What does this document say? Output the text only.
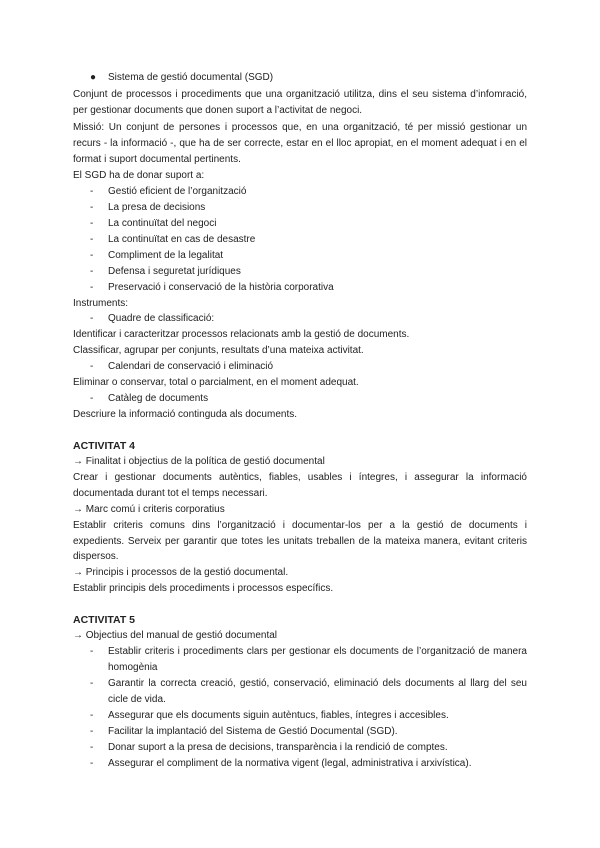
● Sistema de gestió documental (SGD)
Conjunt de processos i procediments que una organització utilitza, dins el seu sistema d’infomració,
per gestionar documents que donen suport a l’activitat de negoci.
Missió: Un conjunt de persones i processos que, en una organització, té per missió gestionar un
recurs - la informació -, que ha de ser correcte, estar en el lloc apropiat, en el moment adequat i en el
format i suport documental pertinents.
El SGD ha de donar suport a:
- Gestió eficient de l’organització
- La presa de decisions
- La continuïtat del negoci
- La continuïtat en cas de desastre
- Compliment de la legalitat
- Defensa i seguretat jurídiques
- Preservació i conservació de la història corporativa
Instruments:
- Quadre de classificació:
Identificar i caracteritzar processos relacionats amb la gestió de documents.
Classificar, agrupar per conjunts, resultats d’una mateixa activitat.
- Calendari de conservació i eliminació
Eliminar o conservar, total o parcialment, en el moment adequat.
- Catàleg de documents
Descriure la informació continguda als documents.
ACTIVITAT 4
→ Finalitat i objectius de la política de gestió documental
Crear i gestionar documents autèntics, fiables, usables i íntegres, i assegurar la informació
documentada durant tot el temps necessari.
→ Marc comú i criteris corporatius
Establir criteris comuns dins l’organització i documentar-los per a la gestió de documents i
expedients. Serveix per garantir que totes les unitats treballen de la mateixa manera, evitant criteris
dispersos.
→ Principis i processos de la gestió documental.
Establir principis dels procediments i processos específics.
ACTIVITAT 5
→ Objectius del manual de gestió documental
- Establir criteris i procediments clars per gestionar els documents de l’organització de manera
homogènia
- Garantir la correcta creació, gestió, conservació, eliminació dels documents al llarg del seu
cicle de vida.
- Assegurar que els documents siguin autèntucs, fiables, íntegres i accesibles.
- Facilitar la implantació del Sistema de Gestió Documental (SGD).
- Donar suport a la presa de decisions, transparència i la rendició de comptes.
- Assegurar el compliment de la normativa vigent (legal, administrativa i arxivística).
